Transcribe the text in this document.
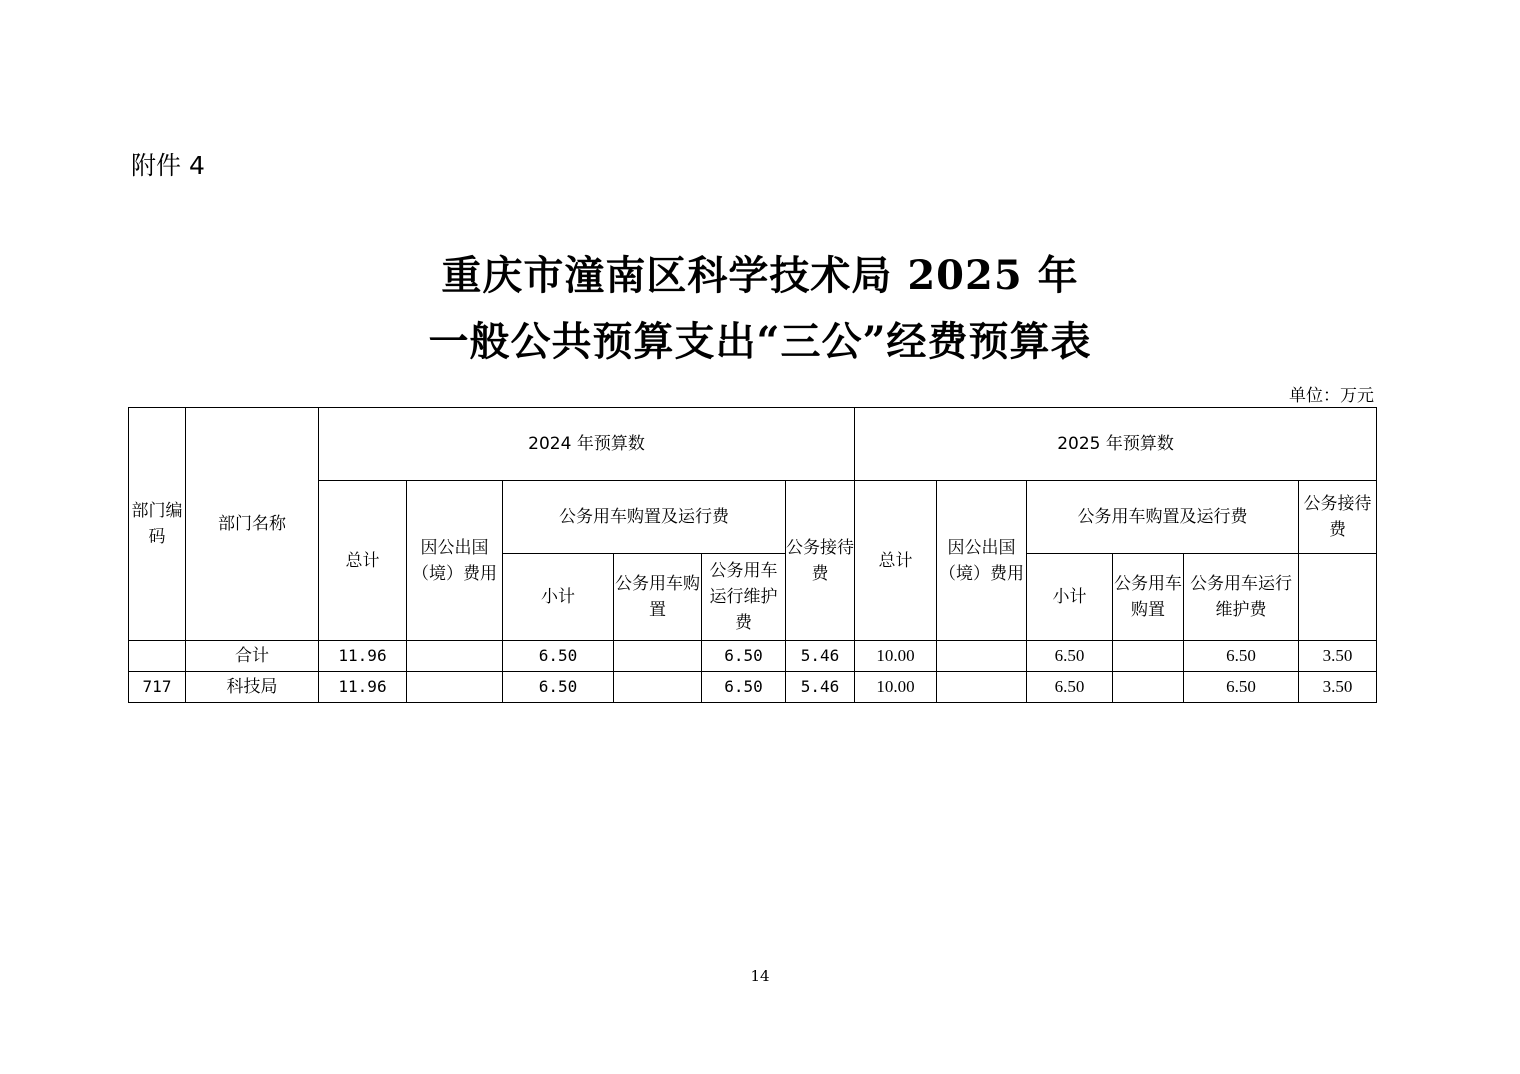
附件 4
重庆市潼南区科学技术局 2025 年
一般公共预算支出“三公”经费预算表
单位：万元
部门编码	部门名称	2024 年预算数						2025 年预算数					
		总计	因公出国（境）费用	公务用车购置及运行费			公务接待费	总计	因公出国（境）费用	公务用车购置及运行费			公务接待费
				小计	公务用车购置	公务用车运行维护费				小计	公务用车购置	公务用车运行维护费	
	合计	11.96		6.50		6.50	5.46	10.00		6.50		6.50	3.50
717	科技局	11.96		6.50		6.50	5.46	10.00		6.50		6.50	3.50
14
